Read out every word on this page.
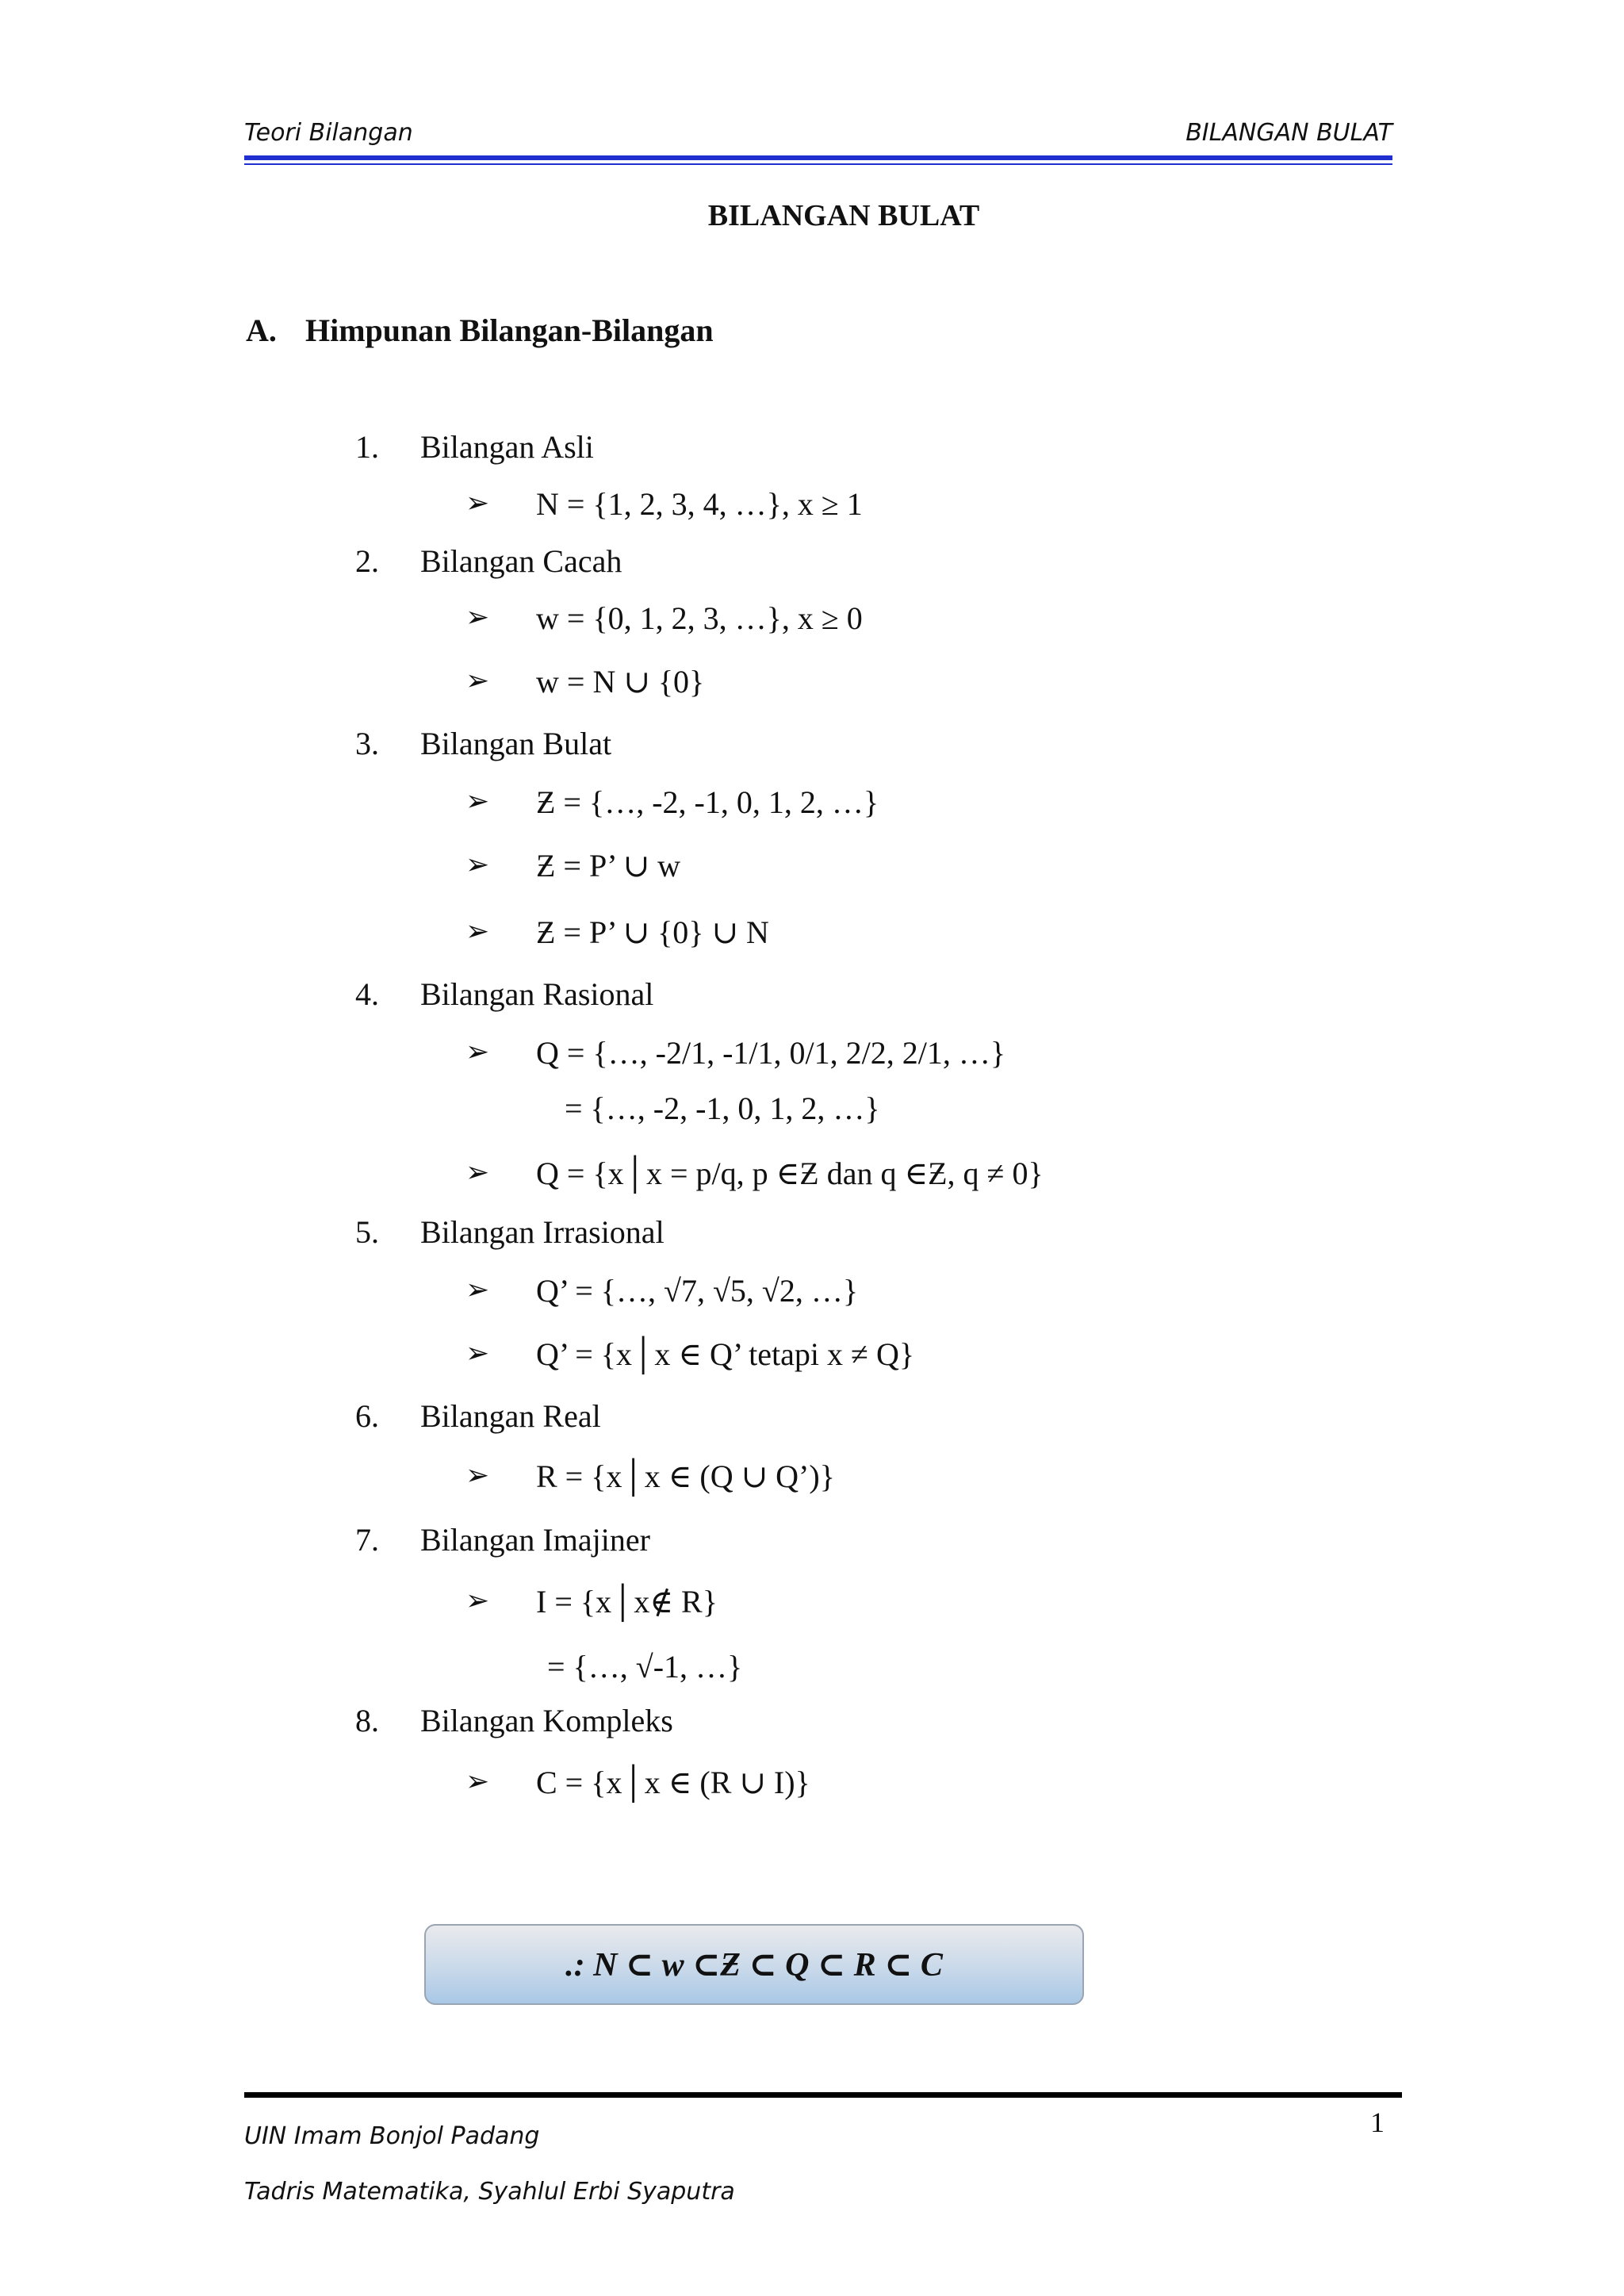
Teori Bilangan	BILANGAN BULAT
BILANGAN BULAT
A. Himpunan Bilangan-Bilangan
1. Bilangan Asli
➢ N = {1, 2, 3, 4, …}, x ≥ 1
2. Bilangan Cacah
➢ w = {0, 1, 2, 3, …}, x ≥ 0
➢ w = N ∪ {0}
3. Bilangan Bulat
➢ Ƶ = {…, -2, -1, 0, 1, 2, …}
➢ Ƶ = P’ ∪ w
➢ Ƶ = P’ ∪ {0} ∪ N
4. Bilangan Rasional
➢ Q = {…, -2/1, -1/1, 0/1, 2/2, 2/1, …}
= {…, -2, -1, 0, 1, 2, …}
➢ Q = {x│x = p/q, p ∈Ƶ dan q ∈Ƶ, q ≠ 0}
5. Bilangan Irrasional
➢ Q’ = {…, √7, √5, √2, …}
➢ Q’ = {x│x ∈ Q’ tetapi x ≠ Q}
6. Bilangan Real
➢ R = {x│x ∈ (Q ∪ Q’)}
7. Bilangan Imajiner
➢ I = {x│x∉ R}
= {…, √-1, …}
8. Bilangan Kompleks
➢ C = {x│x ∈ (R ∪ I)}
.: N ⊂ w ⊂Ƶ ⊂ Q ⊂ R ⊂ C
1
UIN Imam Bonjol Padang
Tadris Matematika, Syahlul Erbi Syaputra
